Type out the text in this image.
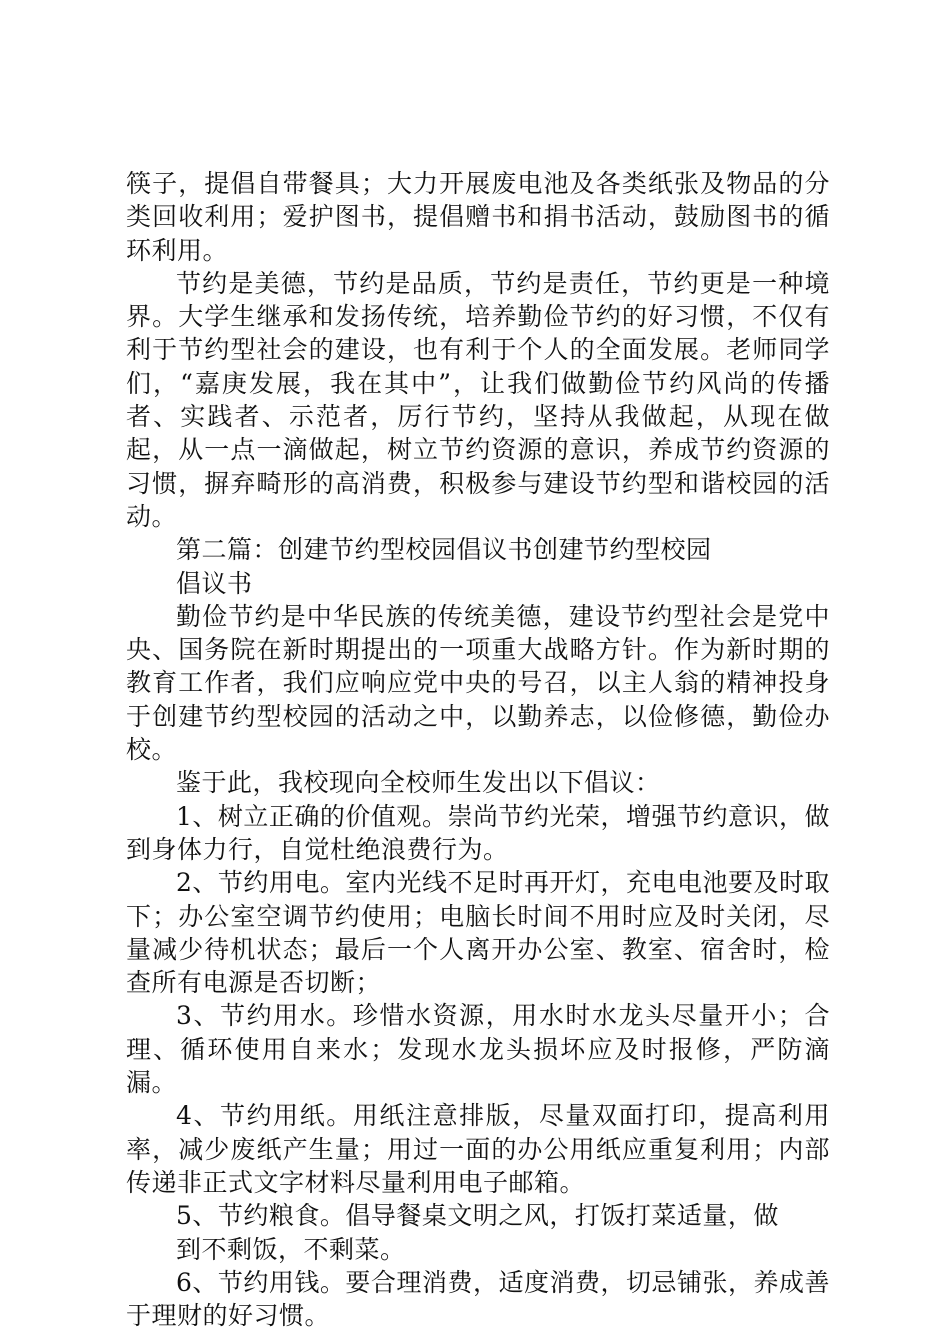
筷子，提倡自带餐具；大力开展废电池及各类纸张及物品的分类回收利用；爱护图书，提倡赠书和捐书活动，鼓励图书的循环利用。

节约是美德，节约是品质，节约是责任，节约更是一种境界。大学生继承和发扬传统，培养勤俭节约的好习惯，不仅有利于节约型社会的建设，也有利于个人的全面发展。老师同学们，“嘉庚发展，我在其中”，让我们做勤俭节约风尚的传播者、实践者、示范者，厉行节约，坚持从我做起，从现在做起，从一点一滴做起，树立节约资源的意识，养成节约资源的习惯，摒弃畸形的高消费，积极参与建设节约型和谐校园的活动。

第二篇：创建节约型校园倡议书创建节约型校园

倡议书

勤俭节约是中华民族的传统美德，建设节约型社会是党中央、国务院在新时期提出的一项重大战略方针。作为新时期的教育工作者，我们应响应党中央的号召，以主人翁的精神投身于创建节约型校园的活动之中，以勤养志，以俭修德，勤俭办校。

鉴于此，我校现向全校师生发出以下倡议：

1、树立正确的价值观。崇尚节约光荣，增强节约意识，做到身体力行，自觉杜绝浪费行为。

2、节约用电。室内光线不足时再开灯，充电电池要及时取下；办公室空调节约使用；电脑长时间不用时应及时关闭，尽量减少待机状态；最后一个人离开办公室、教室、宿舍时，检查所有电源是否切断；

3、节约用水。珍惜水资源，用水时水龙头尽量开小；合理、循环使用自来水；发现水龙头损坏应及时报修，严防滴漏。

4、节约用纸。用纸注意排版，尽量双面打印，提高利用率，减少废纸产生量；用过一面的办公用纸应重复利用；内部传递非正式文字材料尽量利用电子邮箱。

5、节约粮食。倡导餐桌文明之风，打饭打菜适量，做

到不剩饭，不剩菜。

6、节约用钱。要合理消费，适度消费，切忌铺张，养成善于理财的好习惯。
